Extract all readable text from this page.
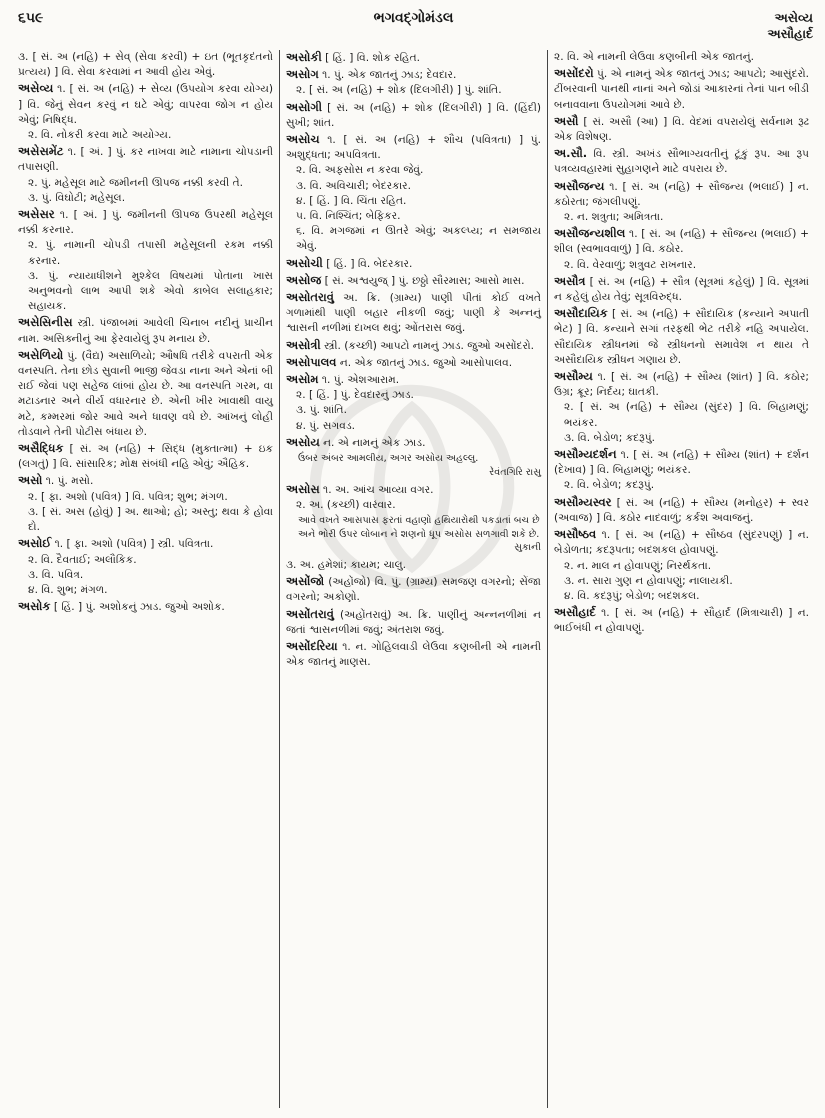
૬૫૯	ભગવદ્ગોમંડલ	અસેવ્ય
અસૌહાર્દ
૩. [ સં. અ (નહિ) + સેવ્ (સેવા કરવી) + ઇત (ભૂતકૃદંતનો પ્રત્યય) ] વિ. સેવા કરવામાં ન આવી હોય એવું.
અસેવ્ય ૧. [ સં. અ (નહિ) + સેવ્ય (ઉપયોગ કરવા યોગ્ય) ] વિ. જેનું સેવન કરવું ન ઘટે એવું; વાપરવા જોગ ન હોય એવું; નિષિદ્ધ.
૨. વિ. નોકરી કરવા માટે અયોગ્ય.
અસેસમેંટ ૧. [ અં. ] પું. કર નાખવા માટે નામાના ચોપડાની તપાસણી.
૨. પું. મહેસૂલ માટે જમીનની ઊપજ નક્કી કરવી તે.
૩. પું. વિઘોટી; મહેસૂલ.
અસેસર ૧. [ અં. ] પું. જમીનની ઊપજ ઉપરથી મહેસૂલ નક્કી કરનાર.
૨. પું. નામાની ચોપડી તપાસી મહેસૂલની રકમ નક્કી કરનાર.
૩. પું. ન્યાયાધીશને મુશ્કેલ વિષયમાં પોતાના ખાસ અનુભવનો લાભ આપી શકે એવો કાબેલ સલાહકાર; સહાયક.
અસેસિનીસ સ્ત્રી. પંજાબમાં આવેલી ચિનાબ નદીનું પ્રાચીન નામ. અસિક્નીનું આ ફેરવાયેલું રૂપ મનાય છે.
અસેળિયો પું. (વૈદ્ય) અસાળિયો; ઔષધિ તરીકે વપરાતી એક વનસ્પતિ. તેના છોડ સુવાની ભાજી જેવડા નાના અને એનાં બી રાઈ જેવાં પણ સહેજ લાંબાં હોય છે. આ વનસ્પતિ ગરમ, વા મટાડનાર અને વીર્ય વધારનાર છે. એની ખીર ખાવાથી વાયુ મટે, કમ્મરમાં જોર આવે અને ધાવણ વધે છે. આંખનું લોહી તોડવાને તેની પોટીસ બંધાય છે.
અસૈદ્ધિક [ સં. અ (નહિ) + સિદ્ધ (મુક્તાત્મા) + ઇક (લગતું) ] વિ. સાંસારિક; મોક્ષ સંબંધી નહિ એવું; ઐહિક.
અસો ૧. પું. મસો.
૨. [ ફા. અશો (પવિત્ર) ] વિ. પવિત્ર; શુભ; મંગળ.
૩. [ સં. અસ (હોવું) ] અ. થાઓ; હો; અસ્તુ; થવા કે હોવા દો.
અસોઈ ૧. [ ફા. અશો (પવિત્ર) ] સ્ત્રી. પવિત્રતા.
૨. વિ. દૈવતાઈ; અલૌકિક.
૩. વિ. પવિત્ર.
૪. વિ. શુભ; મંગળ.
અસોક [ હિં. ] પું. અશોકનું ઝાડ. જુઓ અશોક.
અસોકી [ હિં. ] વિ. શોક રહિત.
અસોગ ૧. પું. એક જાતનું ઝાડ; દેવદાર.
૨. [ સં. અ (નહિ) + શોક (દિલગીરી) ] પું. શાંતિ.
અસોગી [ સં. અ (નહિ) + શોક (દિલગીરી) ] વિ. (હિંદી) સુખી; શાંત.
અસોચ ૧. [ સં. અ (નહિ) + શૌચ (પવિત્રતા) ] પું. અશુદ્ધતા; અપવિત્રતા.
૨. વિ. અફસોસ ન કરવા જેવું.
૩. વિ. અવિચારી; બેદરકાર.
૪. [ હિં. ] વિ. ચિંતા રહિત.
૫. વિ. નિશ્ચિંત; બેફિકર.
૬. વિ. મગજમાં ન ઊતરે એવું; અકલ્પ્ય; ન સમજાય એવું.
અસોચી [ હિં. ] વિ. બેદરકાર.
અસોજ [ સં. અશ્વયુજ્ ] પું. છઠ્ઠો સૌરમાસ; આસો માસ.
અસોતરાવું અ. ક્રિ. (ગ્રામ્ય) પાણી પીતાં કોઈ વખતે ગળામાંથી પાણી બહાર નીકળી જવું; પાણી કે અન્નનું શ્વાસની નળીમાં દાખલ થવું; ઓંતરાસ જવું.
અસોત્રી સ્ત્રી. (કચ્છી) આપટો નામનું ઝાડ. જુઓ અસોંદરો.
અસોપાલવ ન. એક જાતનું ઝાડ. જુઓ આસોપાલવ.
અસોમ ૧. પું. એશઆરામ.
૨. [ હિં. ] પું. દેવદારનું ઝાડ.
૩. પું. શાંતિ.
૪. પું. સગવડ.
અસોય ન. એ નામનું એક ઝાડ.
ઉંબર અંબર આમલીય, અગર અસોય અહલ્લુ.
રેવંતગિરિ રાસુ
અસોસ ૧. અ. આંચ આવ્યા વગર.
૨. અ. (કચ્છી) વારંવાર.
આવે વખતે આસપાસ ફરતાં વહાણો હથિયારોથી પકડાતાં બચ છે અને ભોરી ઉપર લોબાન ને શણનો ધૂપ અસોસ સળગાવી શકે છે.
સુકાની
૩. અ. હમેશાં; કાયમ; ચાલુ.
અસોંજો (અહોંજો) વિ. પું. (ગ્રામ્ય) સમજણ વગરનો; સેંજા વગરનો; અકોણો.
અસોંતરાવું (અહોંતરાવું) અ. ક્રિ. પાણીનું અન્નનળીમાં ન જતાં શ્વાસનળીમાં જવું; અંતરાશ જવું.
અસોંદરિયા ૧. ન. ગોહિલવાડી લેઉવા કણબીની એ નામની એક જાતનું માણસ.
૨. વિ. એ નામની લેઉવા કણબીની એક જાતનું.
અસોંદરો પું. એ નામનું એક જાતનું ઝાડ; આપટો; આસુંદરો. ટીંબરવાની પાનથી નાનાં અને જોડાં આકારનાં તેનાં પાન બીડી બનાવવાના ઉપયોગમાં આવે છે.
અસૌ [ સં. અસૌ (આ) ] વિ. વેદમાં વપરાયેલું સર્વનામ રૂઢ એક વિશેષણ.
અ.સૌ. વિ. સ્ત્રી. અખંડ સૌભાગ્યવતીનું ટૂંકું રૂપ. આ રૂપ પત્રવ્યવહારમાં સુહાગણને માટે વપરાય છે.
અસૌજન્ય ૧. [ સં. અ (નહિ) + સૌજન્ય (ભલાઈ) ] ન. કઠોરતા; જંગલીપણું.
૨. ન. શત્રુતા; અમિત્રતા.
અસૌજન્યશીલ ૧. [ સં. અ (નહિ) + સૌજન્ય (ભલાઈ) + શીલ (સ્વભાવવાળું) ] વિ. કઠોર.
૨. વિ. વેરવાળું; શત્રુવટ રાખનાર.
અસૌત્ર [ સં. અ (નહિ) + સૌત્ર (સૂત્રમાં કહેલું) ] વિ. સૂત્રમાં ન કહેલું હોય તેવું; સૂત્રવિરુદ્ધ.
અસૌદાયિક [ સં. અ (નહિ) + સૌદાયિક (કન્યાને અપાતી ભેટ) ] વિ. કન્યાને સગાં તરફથી ભેટ તરીકે નહિ અપાયેલ. સૌદાયિક સ્ત્રીધનમાં જે સ્ત્રીધનનો સમાવેશ ન થાય તે અસૌદાયિક સ્ત્રીધન ગણાય છે.
અસૌમ્ય ૧. [ સં. અ (નહિ) + સૌમ્ય (શાંત) ] વિ. કઠોર; ઉગ્ર; ક્રૂર; નિર્દય; ઘાતકી.
૨. [ સં. અ (નહિ) + સૌમ્ય (સુંદર) ] વિ. બિહામણું; ભયંકર.
૩. વિ. બેડોળ; કદરૂપું.
અસૌમ્યદર્શન ૧. [ સં. અ (નહિ) + સૌમ્ય (શાંત) + દર્શન (દેખાવ) ] વિ. બિહામણું; ભયંકર.
૨. વિ. બેડોળ; કદરૂપું.
અસૌમ્યસ્વર [ સં. અ (નહિ) + સૌમ્ય (મનોહર) + સ્વર (અવાજ) ] વિ. કઠોર નાદવાળું; કર્કશ અવાજનું.
અસૌષ્ઠવ ૧. [ સં. અ (નહિ) + સૌષ્ઠવ (સુંદરપણું) ] ન. બેડોળતા; કદરૂપતા; બદશકલ હોવાપણું.
૨. ન. માલ ન હોવાપણું; નિરર્થકતા.
૩. ન. સારા ગુણ ન હોવાપણું; નાલાયકી.
૪. વિ. કદરૂપું; બેડોળ; બદશકલ.
અસૌહાર્દ ૧. [ સં. અ (નહિ) + સૌહાર્દ (મિત્રાચારી) ] ન. ભાઈબંધી ન હોવાપણું.
